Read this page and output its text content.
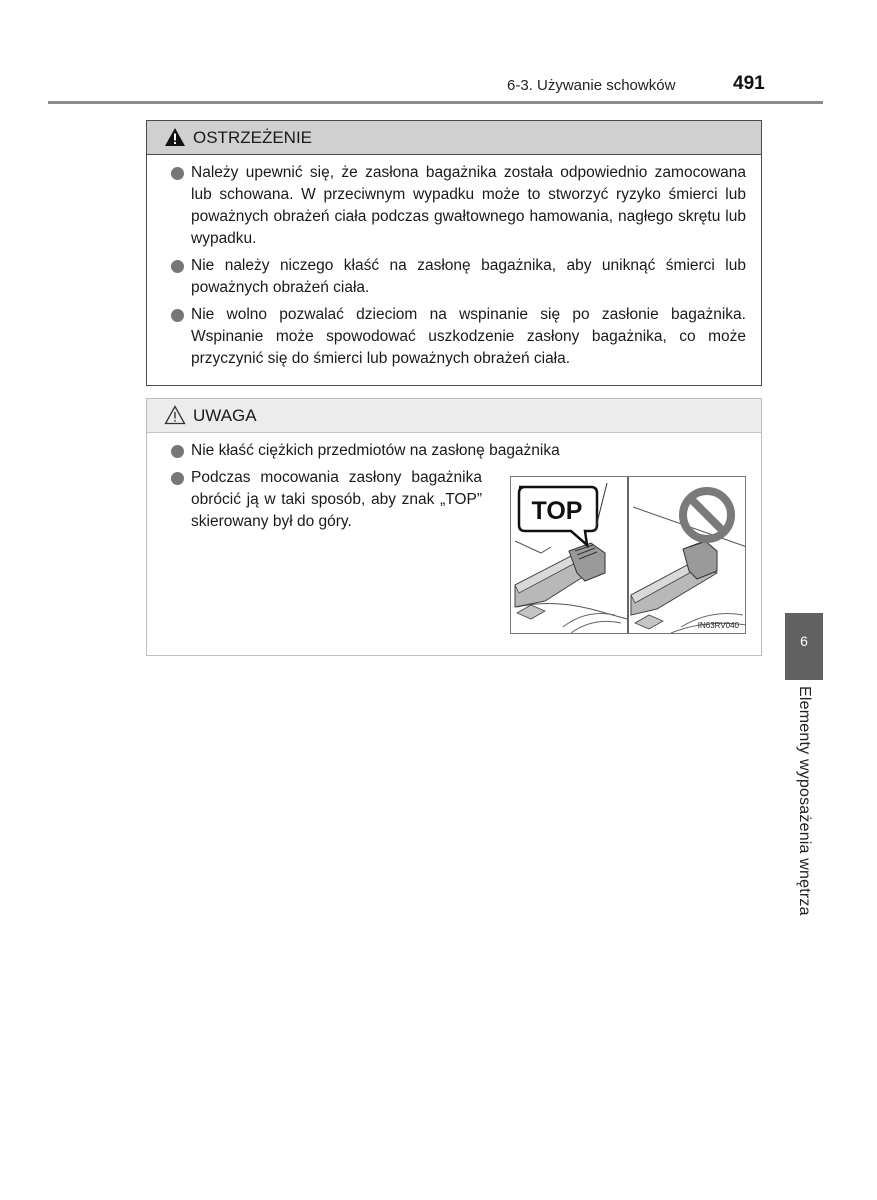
6-3. Używanie schowków	491
OSTRZEŻENIE
Należy upewnić się, że zasłona bagażnika została odpowiednio zamocowana lub schowana. W przeciwnym wypadku może to stworzyć ryzyko śmierci lub poważnych obrażeń ciała podczas gwałtownego hamowania, nagłego skrętu lub wypadku.
Nie należy niczego kłaść na zasłonę bagażnika, aby uniknąć śmierci lub poważnych obrażeń ciała.
Nie wolno pozwalać dzieciom na wspinanie się po zasłonie bagażnika. Wspinanie może spowodować uszkodzenie zasłony bagażnika, co może przyczynić się do śmierci lub poważnych obrażeń ciała.
UWAGA
Nie kłaść ciężkich przedmiotów na zasłonę bagażnika
Podczas mocowania zasłony bagażnika obrócić ją w taki sposób, aby znak „TOP” skierowany był do góry.	TOP
IN63RV040
6
Elementy wyposażenia wnętrza
